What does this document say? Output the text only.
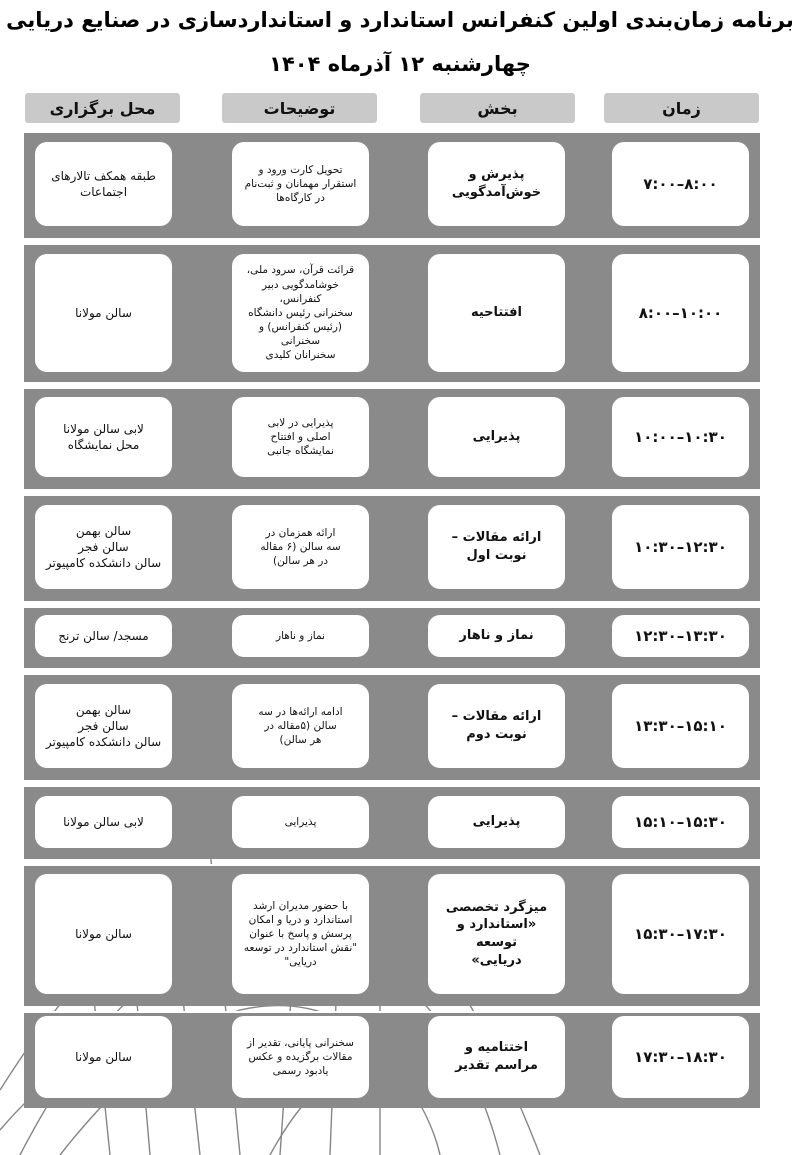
برنامه زمان‌بندی اولین کنفرانس استاندارد و استانداردسازی در صنایع دریایی
چهارشنبه ۱۲ آذرماه ۱۴۰۴
زمان
بخش
توضیحات
محل برگزاری
۷:۰۰–۸:۰۰
پذیرش و
خوش‌آمدگویی
تحویل کارت ورود و
استقرار مهمانان و ثبت‌نام
در کارگاه‌ها
طبقه همکف تالارهای
اجتماعات
۸:۰۰–۱۰:۰۰
افتتاحیه
قرائت قرآن، سرود ملی،
خوشامدگویی دبیر کنفرانس،
سخنرانی رئیس دانشگاه
(رئیس کنفرانس) و سخنرانی
سخنرانان کلیدی
سالن مولانا
۱۰:۰۰–۱۰:۳۰
پذیرایی
پذیرایی در لابی
اصلی و افتتاح
نمایشگاه جانبی
لابی سالن مولانا
محل نمایشگاه
۱۰:۳۰–۱۲:۳۰
ارائه مقالات –
نوبت اول
ارائه همزمان در
سه سالن (۶ مقاله
در هر سالن)
سالن بهمن
سالن فجر
سالن دانشکده کامپیوتر
۱۲:۳۰–۱۳:۳۰
نماز و ناهار
نماز و ناهار
مسجد/ سالن ترنج
۱۳:۳۰–۱۵:۱۰
ارائه مقالات –
نوبت دوم
ادامه ارائه‌ها در سه
سالن (۵مقاله در
هر سالن)
سالن بهمن
سالن فجر
سالن دانشکده کامپیوتر
۱۵:۱۰–۱۵:۳۰
پذیرایی
پذیرایی
لابی سالن مولانا
۱۵:۳۰–۱۷:۳۰
میزگرد تخصصی
«استاندارد و توسعه
دریایی»
با حضور مدیران ارشد
استاندارد و دریا و امکان
پرسش و پاسخ با عنوان
"نقش استاندارد در توسعه
دریایی"
سالن مولانا
۱۷:۳۰–۱۸:۳۰
اختتامیه و
مراسم تقدیر
سخنرانی پایانی، تقدیر از
مقالات برگزیده و عکس
یادبود رسمی
سالن مولانا
